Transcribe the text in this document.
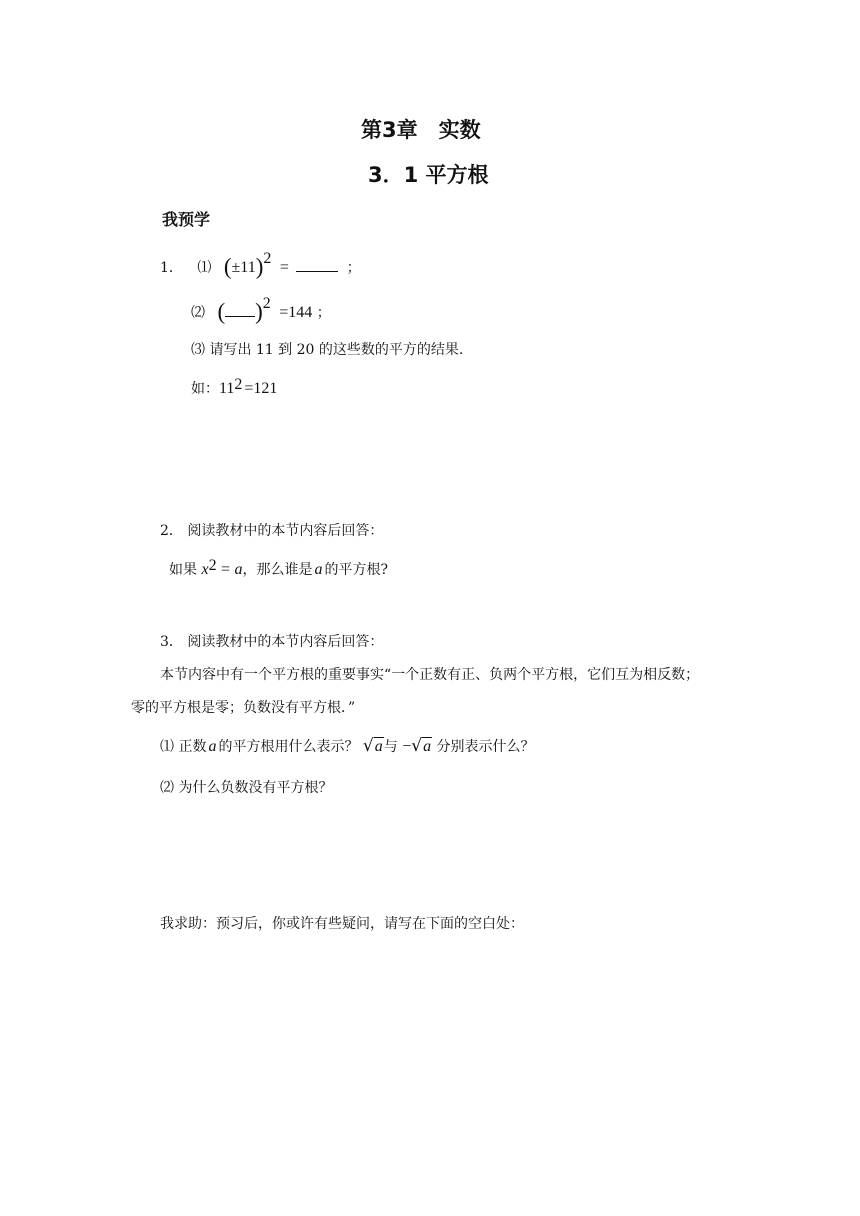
第3章　实数
3．1 平方根
我预学
1． ⑴ $(\pm 11)^2$ =	；
⑵ ( )$^2$ =144 ；
⑶ 请写出 11 到 20 的这些数的平方的结果.
如：$11^2 =121$
2． 阅读教材中的本节内容后回答：
如果 $x^2 = a$，那么谁是 a 的平方根?
3． 阅读教材中的本节内容后回答：
本节内容中有一个平方根的重要事实“一个正数有正、负两个平方根，它们互为相反数；
零的平方根是零；负数没有平方根．”
⑴ 正数 a 的平方根用什么表示？ √a与 −√a 分别表示什么？
⑵ 为什么负数没有平方根？
我求助：预习后，你或许有些疑问，请写在下面的空白处：
